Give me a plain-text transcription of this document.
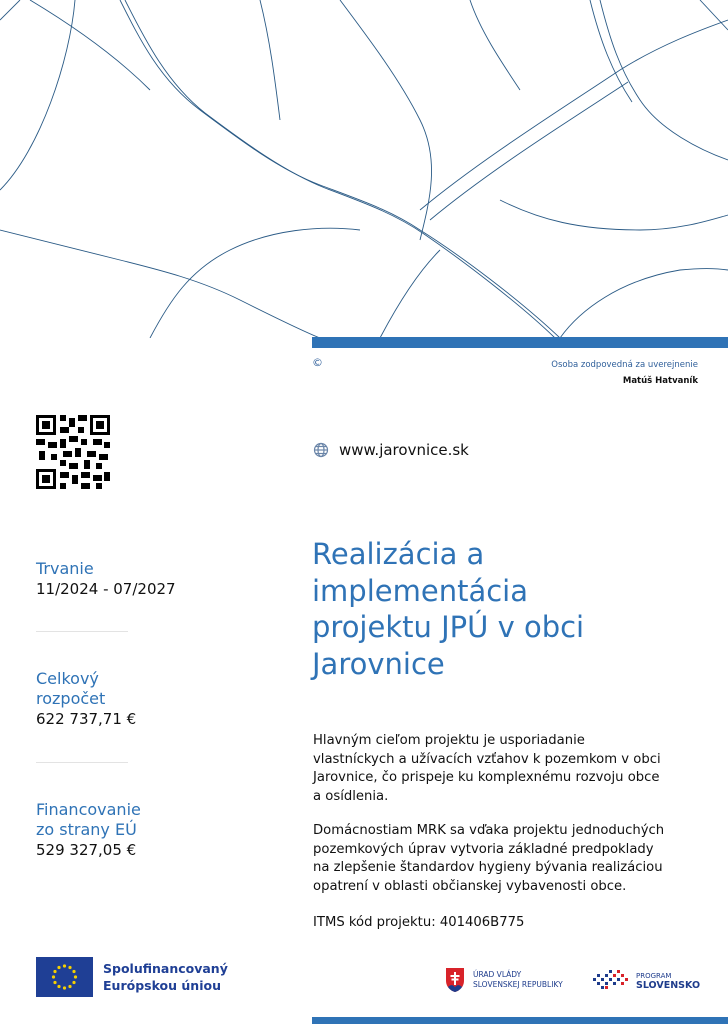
©	Osoba zodpovedná za uverejnenie
Matúš Hatvaník
www.jarovnice.sk
Trvanie
11/2024 - 07/2027
Celkový
rozpočet
622 737,71 €
Financovanie
zo strany EÚ
529 327,05 €
Realizácia a
implementácia
projektu JPÚ v obci
Jarovnice
Hlavným cieľom projektu je usporiadanie
vlastníckych a užívacích vzťahov k pozemkom v obci
Jarovnice, čo prispeje ku komplexnému rozvoju obce
a osídlenia.
Domácnostiam MRK sa vďaka projektu jednoduchých
pozemkových úprav vytvoria základné predpoklady
na zlepšenie štandardov hygieny bývania realizáciou
opatrení v oblasti občianskej vybavenosti obce.
ITMS kód projektu: 401406B775
Spolufinancovaný
Európskou úniou
ÚRAD VLÁDY
SLOVENSKEJ REPUBLIKY
PROGRAM
SLOVENSKO
